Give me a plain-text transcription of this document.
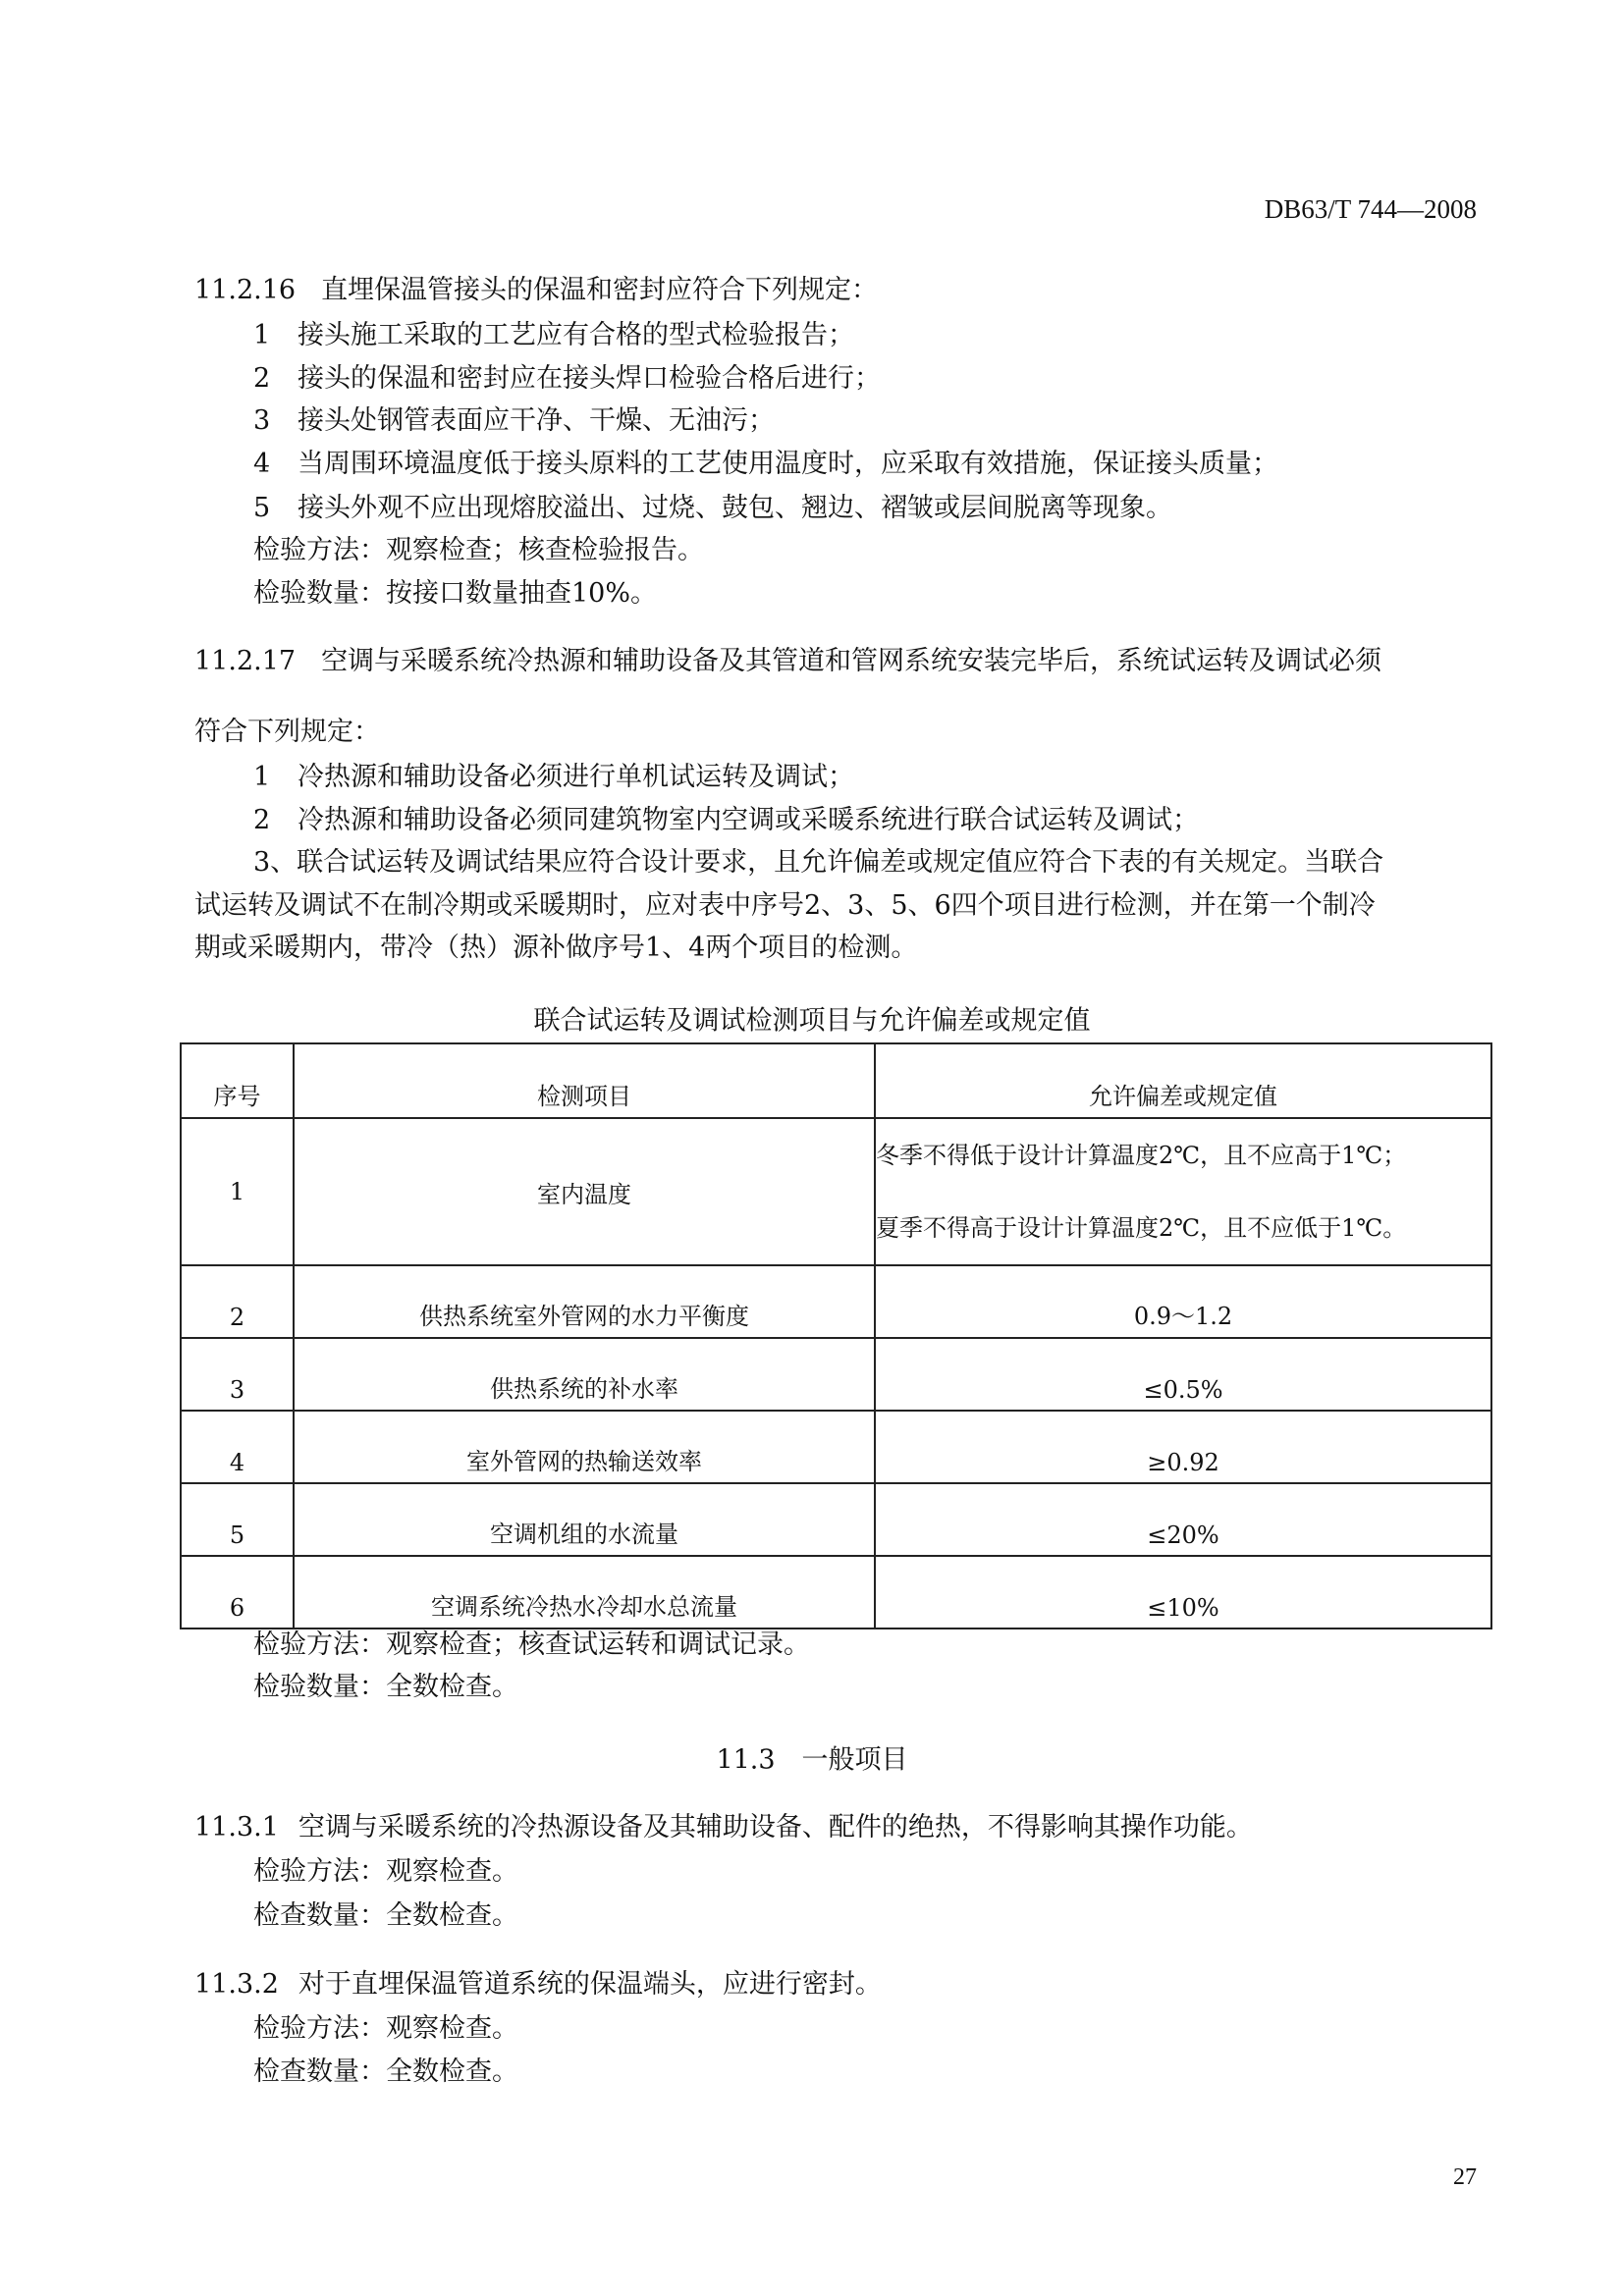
DB63/T 744—2008
11.2.16 直埋保温管接头的保温和密封应符合下列规定：
1 接头施工采取的工艺应有合格的型式检验报告；
2 接头的保温和密封应在接头焊口检验合格后进行；
3 接头处钢管表面应干净、干燥、无油污；
4 当周围环境温度低于接头原料的工艺使用温度时，应采取有效措施，保证接头质量；
5 接头外观不应出现熔胶溢出、过烧、鼓包、翘边、褶皱或层间脱离等现象。
检验方法：观察检查；核查检验报告。
检验数量：按接口数量抽查10%。
11.2.17 空调与采暖系统冷热源和辅助设备及其管道和管网系统安装完毕后，系统试运转及调试必须
符合下列规定：
1 冷热源和辅助设备必须进行单机试运转及调试；
2 冷热源和辅助设备必须同建筑物室内空调或采暖系统进行联合试运转及调试；
3、联合试运转及调试结果应符合设计要求，且允许偏差或规定值应符合下表的有关规定。当联合
试运转及调试不在制冷期或采暖期时，应对表中序号2、3、5、6四个项目进行检测，并在第一个制冷
期或采暖期内，带冷（热）源补做序号1、4两个项目的检测。
联合试运转及调试检测项目与允许偏差或规定值
序号	检测项目	允许偏差或规定值
1	室内温度	冬季不得低于设计计算温度2℃，且不应高于1℃；
夏季不得高于设计计算温度2℃，且不应低于1℃。

2	供热系统室外管网的水力平衡度	0.9～1.2
3	供热系统的补水率	≤0.5%
4	室外管网的热输送效率	≥0.92
5	空调机组的水流量	≤20%
6	空调系统冷热水冷却水总流量	≤10%
检验方法：观察检查；核查试运转和调试记录。
检验数量：全数检查。
11.3　一般项目
11.3.1 空调与采暖系统的冷热源设备及其辅助设备、配件的绝热，不得影响其操作功能。
检验方法：观察检查。
检查数量：全数检查。
11.3.2 对于直埋保温管道系统的保温端头，应进行密封。
检验方法：观察检查。
检查数量：全数检查。
27
